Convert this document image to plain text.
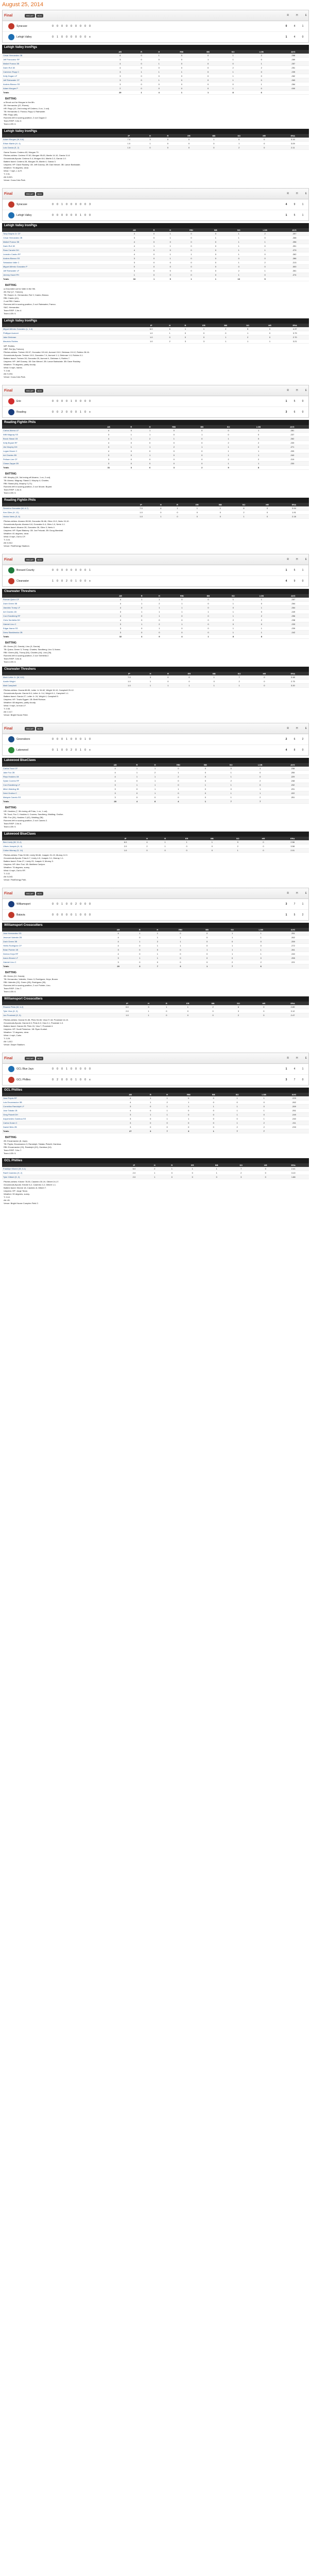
August 25, 2014
Final	RECAP	BOX	R	H	E
Syracuse	0	0	0	0	0	0	0	0	0	0	4	1
Lehigh Valley	0	1	0	0	0	0	0	0	x	1	4	0
Lehigh Valley IronPigs
	AB	R	H	RBI	BB	SO	LOB	AVG
Cesar Hernandez 2B	4	0	1	0	0	1	2	.268
Jeff Francoeur RF	3	0	0	0	1	1	0	.289
Maikel Franco 3B	4	0	1	0	0	0	1	.257
Darin Ruf 1B	4	0	0	0	0	2	2	.251
Cameron Rupp C	3	1	1	1	0	1	0	.239
Kelly Dugan LF	3	0	0	0	0	1	0	.262
Jeff Rainwater CF	3	0	1	0	0	1	0	.263
Andres Blanco SS	3	0	0	0	0	0	1	.284
Adam Morgan P	2	0	0	0	0	1	0	.000
Totals	29	1	4	1	1	8	6	
BATTING

a-Struck out for Morgan in the 8th.

2B: Hernandez (22, Rivera).

HR: Rupp (12, 2nd inning off Cedeno, 0 on, 1 out).

TB: Hernandez 2; Franco; Rupp 4; Rainwater.

RBI: Rupp (48).

Runners left in scoring position, 2 out: Dugan 2.

Team RISP: 0-for-3.

Team LOB: 6.

Lehigh Valley IronPigs
	IP	H	R	ER	BB	SO	HR	ERA
Adam Morgan (W, 8-6)	7.0	3	0	0	1	6	0	3.15
Ethan Martin (H, 4)	1.0	1	0	0	0	1	0	3.09
Luis Garcia (S, 2)	1.0	0	0	0	0	2	0	2.11

Game Scores: Cedeno 63, Morgan 70.

Pitches-strikes: Cedeno 97-60, Morgan 95-63, Martin 14-10, Garcia 11-8.

Groundouts-flyouts: Cedeno 9-4, Morgan 8-6, Martin 2-0, Garcia 1-0.

Batters faced: Cedeno 28, Morgan 25, Martin 4, Garcia 3.

Umpires: HP: Dave Rackley. 1B: Jeff Gosney. 2B: Dan Merzel. 3B: Lance Barksdale.

Weather: 76 degrees, clear.

Wind: 7 mph, L to R.

T: 2:31.

Att: 8,821.

Venue: Coca-Cola Park.

Final	RECAP	BOX	R	H	E
Syracuse	0	0	1	0	0	0	0	0	3	4	9	1
Lehigh Valley	0	0	0	0	0	0	1	0	0	1	5	1
Lehigh Valley IronPigs
	AB	R	H	RBI	BB	SO	LOB	AVG
Tony Gwynn Jr. CF	4	0	1	0	0	1	2	.257
Cesar Hernandez 2B	3	0	1	0	1	1	0	.268
Maikel Franco 3B	4	0	0	0	0	1	1	.256
Darin Ruf 1B	4	1	1	0	0	1	0	.251
Russ Canzler DH	4	0	0	0	0	1	1	.279
Leandro Castro RF	4	0	1	1	0	1	0	.262
Andres Blanco SS	3	0	1	0	0	0	0	.286
Sebastian Valle C	3	0	0	0	0	1	2	.213
Miguel Alfredo Gonzalez P	0	0	0	0	0	0	0	.000
Jeff Rainwater LF	3	0	0	0	0	2	1	.261
Jeremy Hazel PH	1	0	0	0	0	1	0	.274
Totals	33	1	5	1	1	10	5	
BATTING

a-Grounded out for Valle in the 9th.

2B: Ruf (17, Treinen).

TB: Gwynn Jr.; Hernandez; Ruf 2; Castro; Blanco.

RBI: Castro (41).

2-out RBI: Castro.

Runners left in scoring position, 2 out: Rainwater; Franco.

SAC: Hernandez.

Team RISP: 1-for-4.

Team LOB: 5.

Lehigh Valley IronPigs
	IP	H	R	ER	BB	SO	HR	ERA
Miguel Alfredo Gonzalez (L, 1-4)	6.0	6	1	1	2	5	0	4.37
Phillippe Aumont	1.0	1	0	0	0	1	0	3.79
Jake Diekman	1.0	0	0	0	1	2	0	2.70
Mauricio Robles	1.0	2	3	3	1	1	1	3.21

WP: Robles.

HBP: Ruf (by Treinen).

Pitches-strikes: Treinen 93-57, Gonzalez 101-64, Aumont 15-9, Diekman 19-12, Robles 28-16.

Groundouts-flyouts: Treinen 10-5, Gonzalez 7-4, Aumont 1-1, Diekman 1-0, Robles 0-1.

Batters faced: Treinen 28, Gonzalez 25, Aumont 4, Diekman 4, Robles 7.

Umpires: HP: Jeff Gosney. 1B: Dan Merzel. 2B: Lance Barksdale. 3B: Dave Rackley.

Weather: 79 degrees, partly cloudy.

Wind: 5 mph, Varies.

T: 2:48.

Att: 9,204.

Venue: Coca-Cola Park.

Final	RECAP	BOX	R	H	E
Erie	0	0	0	0	1	0	0	0	0	1	5	0
Reading	0	0	2	0	0	0	1	0	x	3	6	0
Reading Fightin Phils
	AB	R	H	RBI	BB	SO	LOB	AVG
Carlos Alonso LF	4	0	1	0	0	0	1	.281
Willi Magnay SS	3	1	1	0	1	0	0	.237
Brock Stassi 1B	4	1	2	1	0	1	0	.262
Kelly Bryant RF	4	0	0	0	0	2	2	.239
Jim Murphy DH	3	1	1	2	1	1	0	.271
Logan Moore C	4	0	0	0	0	1	1	.205
Art Charles 3B	3	0	1	0	0	1	1	.240
Pelham Lee CF	3	0	0	0	0	2	2	.219
Chase Zappe 2B	3	0	0	0	0	1	1	.230
Totals	31	3	6	3	2	9	8	
BATTING

HR: Murphy (19, 3rd inning off Alvarez, 1 on, 2 out).

TB: Alonso; Magnay; Stassi 2; Murphy 4; Charles.

RBI: Stassi (64), Murphy 2 (71).

Runners left in scoring position, 2 out: Moore; Bryant.

Team RISP: 1-for-5.

Team LOB: 5.

Reading Fightin Phils
	IP	H	R	ER	BB	SO	HR	ERA
Severino Gonzalez (W, 6-7)	7.0	4	1	1	1	8	0	3.94
Ken Giles (H, 12)	1.0	0	0	0	0	2	0	1.91
Hector Neris (S, 6)	1.0	1	0	0	0	1	0	2.18

Pitches-strikes: Alvarez 89-58, Gonzalez 96-66, Giles 13-9, Neris 15-10.

Groundouts-flyouts: Alvarez 6-8, Gonzalez 6-4, Giles 1-0, Neris 1-1.

Batters faced: Alvarez 28, Gonzalez 26, Giles 3, Neris 4.

Umpires: HP: Ryan Blakney. 1B: Jon Felczak. 2B: Doug Marshall.

Weather: 81 degrees, clear.

Wind: 8 mph, Out to CF.

T: 2:24.

Att: 6,512.

Venue: FirstEnergy Stadium.

Final	RECAP	BOX	R	H	E
Brevard County	0	0	0	0	0	0	0	0	1	1	5	1
Clearwater	1	0	0	2	0	1	0	0	x	4	9	0
Clearwater Threshers
	AB	R	H	RBI	BB	SO	LOB	AVG
Roman Quinn CF	4	1	1	0	0	1	1	.257
Zach Green 3B	4	1	2	1	0	1	0	.264
Jiandido Tromp LF	4	0	1	1	0	0	1	.264
Art Charles 1B	3	1	1	1	1	1	0	.249
Cord Sandberg RF	4	0	1	0	0	1	2	.256
Chris Serritella DH	4	0	0	0	0	2	2	.238
Gabriel Lino C	3	1	2	1	0	0	0	.233
Edgar Ibarra SS	3	0	1	0	0	1	1	.239
Drew Stankiewicz 2B	3	0	0	0	0	1	1	.242
Totals	32	4	9	4	1	8	8	
BATTING

2B: Green (22, Garcia); Lino (9, Garcia).

TB: Quinn; Green 3; Tromp; Charles; Sandberg; Lino 3; Ibarra.

RBI: Green (60), Tromp (54), Charles (44), Lino (26).

Runners left in scoring position, 2 out: Serritella 2.

Team RISP: 3-for-8.

Team LOB: 6.

Clearwater Threshers
	IP	H	R	ER	BB	SO	HR	ERA
Mark Leiter Jr. (W, 8-9)	7.0	3	0	0	1	7	0	3.48
Austin Wright	1.0	1	0	0	0	2	0	2.75
Matt Campbell	1.0	1	1	1	1	1	0	3.20

Pitches-strikes: Garcia 88-55, Leiter Jr. 94-62, Wright 15-10, Campbell 20-12.

Groundouts-flyouts: Garcia 5-6, Leiter Jr. 9-4, Wright 0-1, Campbell 1-1.

Batters faced: Garcia 27, Leiter Jr. 24, Wright 4, Campbell 5.

Umpires: HP: Travis Eggert. 1B: Brett Robson.

Weather: 88 degrees, partly cloudy.

Wind: 9 mph, In from LF.

T: 2:35.

Att: 2,117.

Venue: Bright House Field.

Final	RECAP	BOX	R	H	E
Greensboro	0	0	0	1	0	0	0	1	0	2	6	2
Lakewood	0	1	0	0	2	0	1	0	x	4	8	0
Lakewood BlueClaws
	AB	R	H	RBI	BB	SO	LOB	AVG
Carlos Tocci CF	4	1	1	0	0	0	1	.238
Jake Fox 2B	4	1	2	1	0	1	0	.255
Rhys Hoskins 1B	4	1	1	2	0	1	0	.229
Dylan Cozens RF	4	0	1	0	0	2	2	.248
Cord Sandberg LF	3	1	1	0	1	1	0	.232
Mitch Walding 3B	3	0	1	1	0	0	1	.231
Deivi Grullon C	3	0	1	0	0	1	1	.222
Malquin Canelo SS	3	0	0	0	0	1	2	.251
Totals	28	4	8	4	1	7	7	
BATTING

HR: Hoskins (7, 5th inning off Frias, 1 on, 1 out).

TB: Tocci; Fox 2; Hoskins 4; Cozens; Sandberg; Walding; Grullon.

RBI: Fox (34), Hoskins 2 (42), Walding (38).

Runners left in scoring position, 2 out: Canelo 2.

Team RISP: 2-for-6.

Team LOB: 5.

Lakewood BlueClaws
	IP	H	R	ER	BB	SO	HR	ERA
Ben Lively (W, 11-4)	6.0	4	1	1	1	9	0	2.56
Ulises Joaquin (H, 6)	2.0	2	1	0	0	2	0	3.58
Colton Murray (S, 14)	1.0	0	0	0	0	1	0	2.01

Pitches-strikes: Frias 92-58, Lively 98-66, Joaquin 31-19, Murray 12-9.

Groundouts-flyouts: Frias 6-7, Lively 4-5, Joaquin 3-1, Murray 1-1.

Batters faced: Frias 27, Lively 23, Joaquin 9, Murray 3.

Umpires: HP: Alex Tosi. 1B: Matthew Carlyon.

Weather: 76 degrees, sunny.

Wind: 6 mph, Out to RF.

T: 2:22.

Att: 5,043.

Venue: FirstEnergy Park.

Final	RECAP	BOX	R	H	E
Williamsport	0	0	1	0	0	2	0	0	0	3	7	1
Batavia	0	0	0	0	0	1	0	0	0	1	5	2
Williamsport Crosscutters
	AB	R	H	RBI	BB	SO	LOB	AVG
Jose Hernandez SS	4	1	1	0	0	1	1	.251
Jesmuel Valentin 2B	4	0	1	1	0	1	1	.262
Zach Green 3B	4	1	2	1	0	0	0	.259
Herlis Rodriguez CF	4	0	1	1	0	1	0	.272
Brian Pointer 1B	3	0	0	0	1	1	1	.261
Denton Keys RF	4	0	1	0	0	1	1	.240
Aaron Brown LF	3	1	1	0	0	0	0	.255
Gabriel Lino C	3	0	0	0	0	2	2	.221
Totals	29	3	7	3	1	7	6	
BATTING

2B: Green (10, Garcia).

TB: Hernandez; Valentin; Green 3; Rodriguez; Keys; Brown.

RBI: Valentin (22), Green (28), Rodriguez (30).

Runners left in scoring position, 2 out: Pointer; Lino.

Team RISP: 2-for-7.

Team LOB: 6.

Williamsport Crosscutters
	IP	H	R	ER	BB	SO	HR	ERA
Ricardo Pinto (W, 4-2)	6.0	3	1	1	2	6	0	2.89
Tyler Viza (H, 3)	2.0	1	0	0	0	3	0	3.12
Jon Prosinski (S, 5)	1.0	1	0	0	0	2	0	2.47

Pitches-strikes: Garcia 91-58, Pinto 94-60, Viza 27-18, Prosinski 14-10.

Groundouts-flyouts: Garcia 6-5, Pinto 8-3, Viza 2-1, Prosinski 1-0.

Batters faced: Garcia 28, Pinto 24, Viza 7, Prosinski 4.

Umpires: HP: Scott Pinkerton. 1B: Ryan Kunkel.

Weather: 72 degrees, clear.

Wind: 4 mph, Calm.

T: 2:29.

Att: 1,612.

Venue: Dwyer Stadium.

Final	RECAP	BOX	R	H	E
GCL Blue Jays	0	0	0	1	0	0	0	0	0	1	4	1
GCL Phillies	0	2	0	0	0	1	0	0	x	3	7	0
GCL Phillies
	AB	R	H	RBI	BB	SO	LOB	AVG
Jose Pujols RF	4	1	1	0	0	1	1	.229
Luis Encarnacion 3B	4	1	2	1	0	0	0	.262
Cornelius Randolph LF	3	0	1	1	1	1	0	.269
Jose Tabata 1B	4	0	1	0	0	1	1	.251
Greg Pickett DH	3	1	1	0	0	1	0	.249
Arquimedes Gamboa SS	3	0	1	1	0	0	1	.240
Carlos Duran C	3	0	0	0	0	1	2	.211
Daniel Brito 2B	3	0	0	0	0	2	2	.233
Totals	27	3	7	3	1	7	7	
BATTING

2B: Encarnacion (8, Jays).

TB: Pujols; Encarnacion 3; Randolph; Tabata; Pickett; Gamboa.

RBI: Encarnacion (19), Randolph (22), Gamboa (14).

Team RISP: 3-for-7.

Team LOB: 5.

GCL Phillies
	IP	H	R	ER	BB	SO	HR	ERA
Franklyn Kilome (W, 3-1)	5.0	2	1	1	1	7	0	2.41
Ranfi Casimiro (H, 2)	2.0	1	0	0	1	2	0	3.10
Tyler Gilbert (S, 3)	2.0	1	0	0	0	3	0	1.88

Pitches-strikes: Kilome 78-50, Casimiro 30-19, Gilbert 24-17.

Groundouts-flyouts: Kilome 6-2, Casimiro 2-2, Gilbert 1-1.

Batters faced: Kilome 18, Casimiro 8, Gilbert 7.

Umpires: HP: Jorge Teran.

Weather: 90 degrees, sunny.

T: 2:12.

Att: 45.

Venue: Bright House Complex Field 2.
